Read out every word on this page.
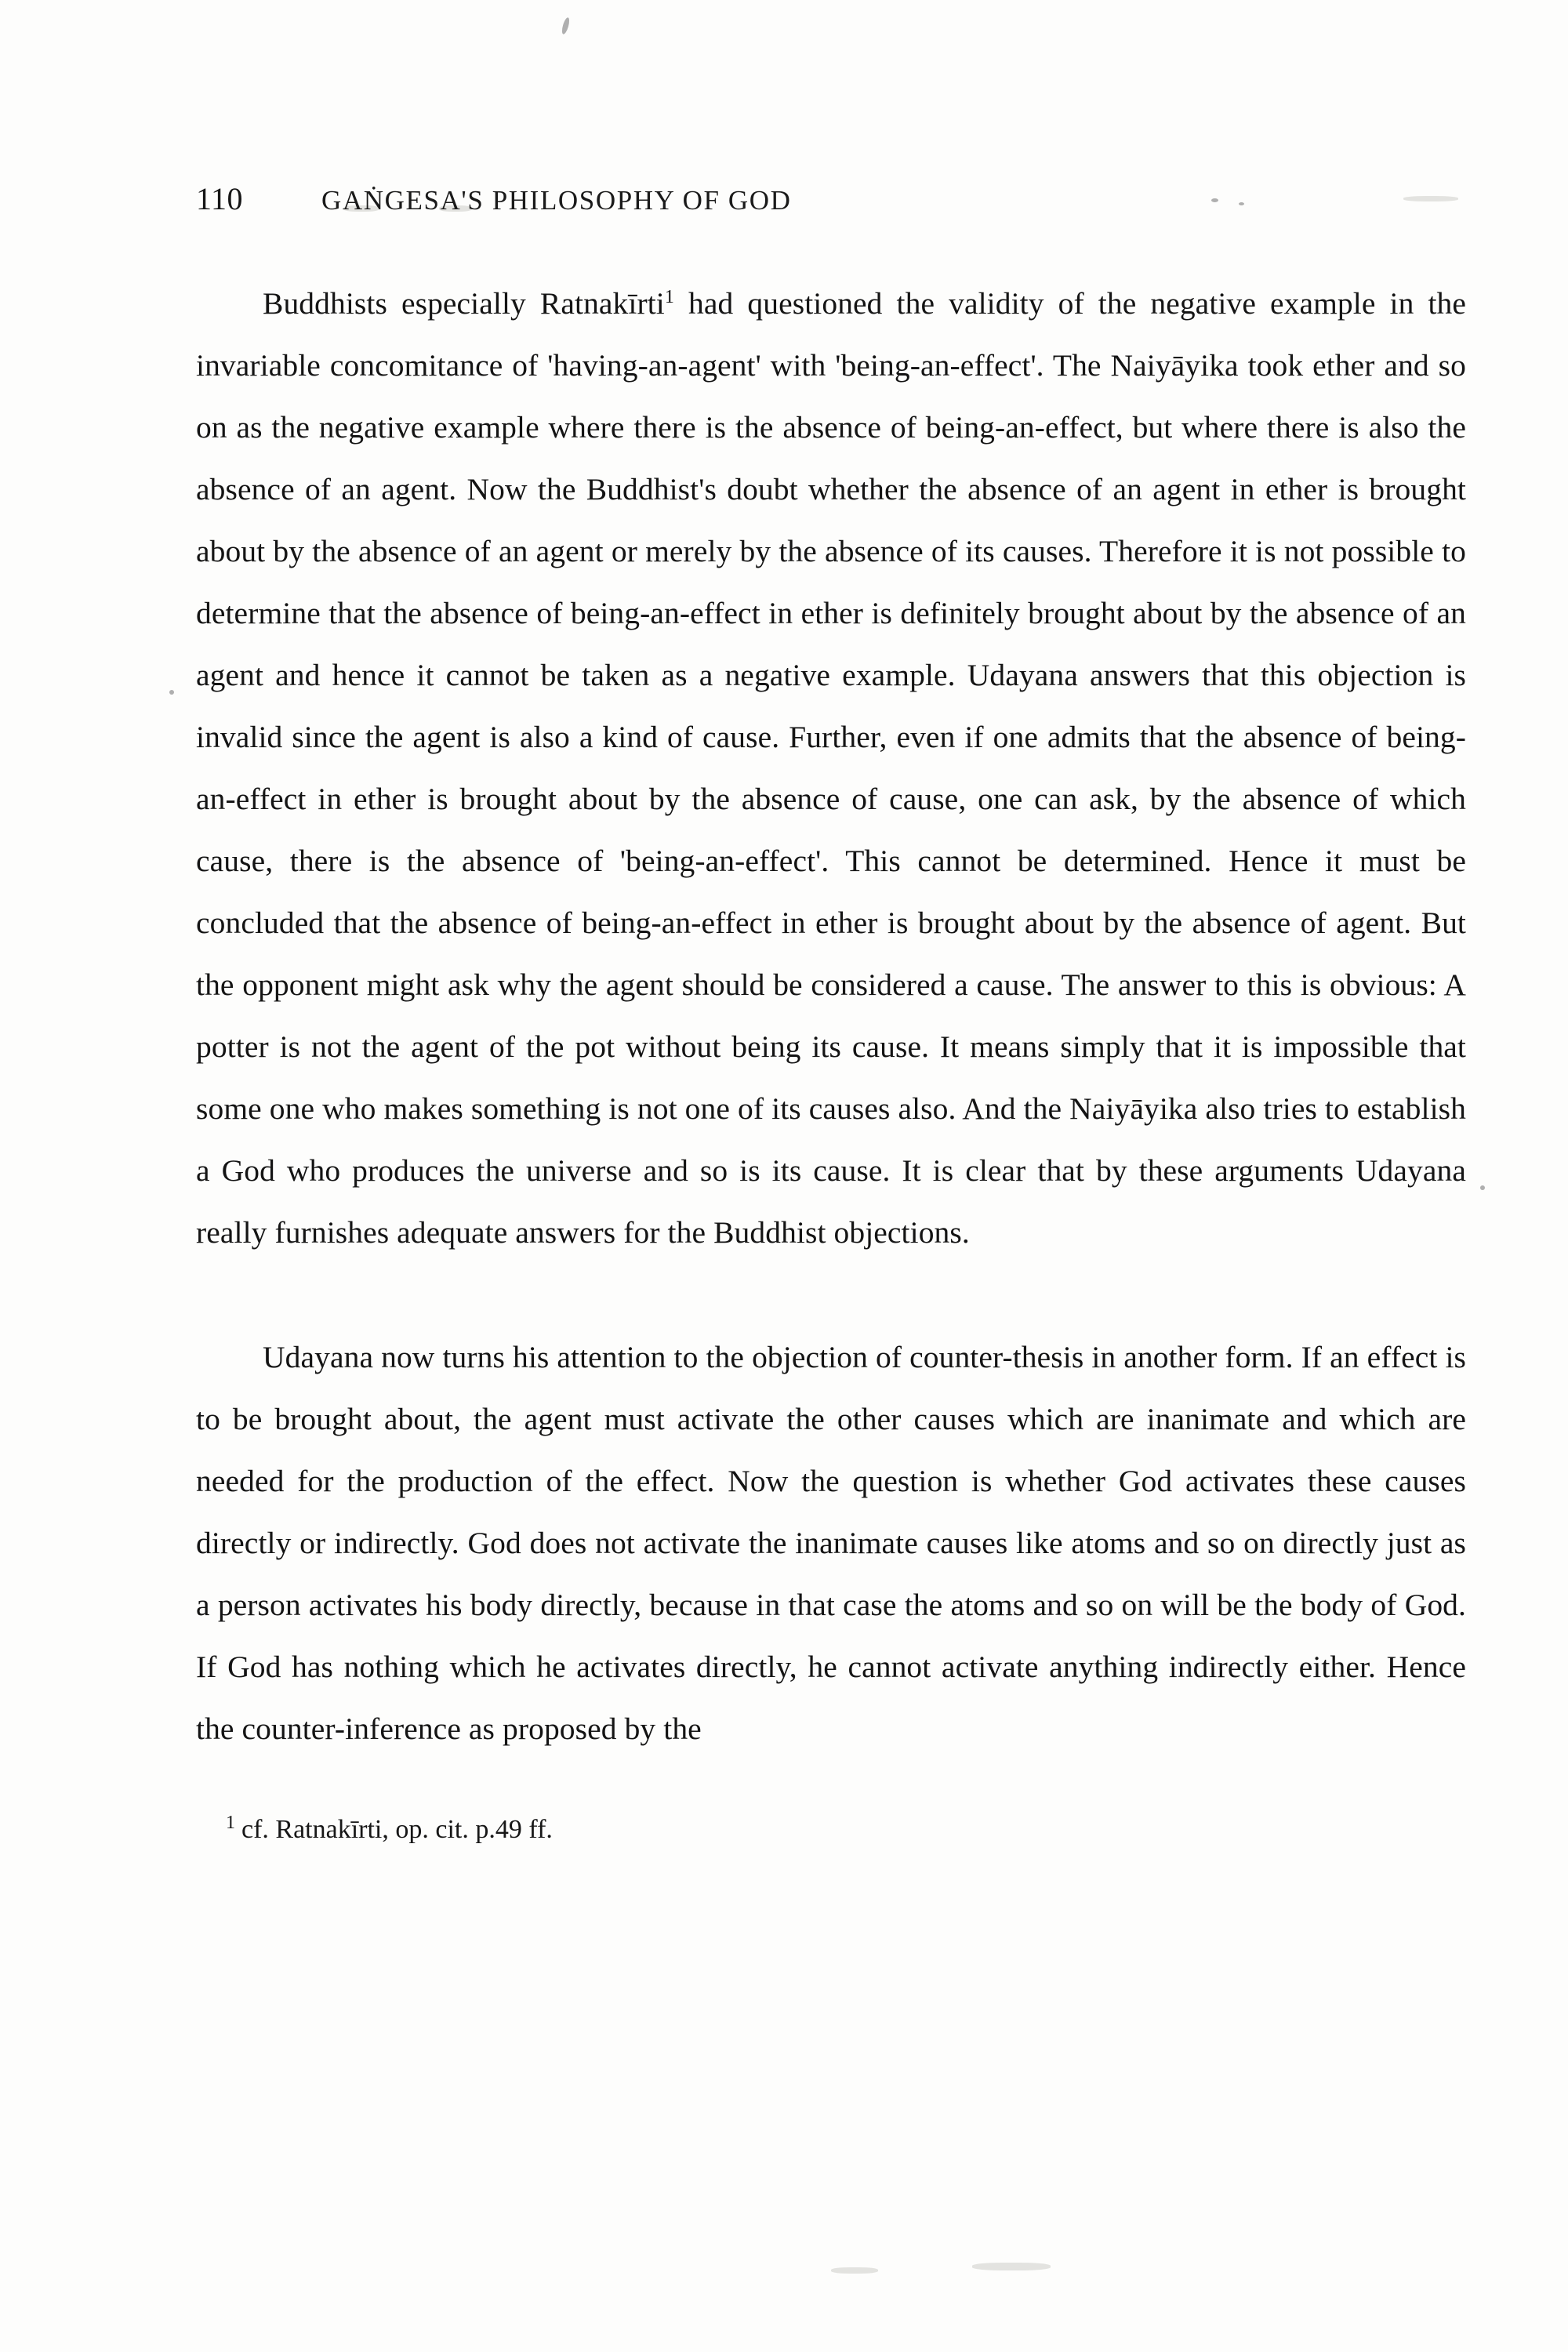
110	GAṄGESA'S PHILOSOPHY OF GOD

Buddhists especially Ratnakīrti$^1$ had questioned the validity of the negative example in the invariable concomitance of 'having-an-agent' with 'being-an-effect'. The Naiyāyika took ether and so on as the negative example where there is the absence of being-an-effect, but where there is also the absence of an agent. Now the Buddhist's doubt whether the absence of an agent in ether is brought about by the absence of an agent or merely by the absence of its causes. Therefore it is not possible to determine that the absence of being-an-effect in ether is definitely brought about by the absence of an agent and hence it cannot be taken as a negative example. Udayana answers that this objection is invalid since the agent is also a kind of cause. Further, even if one admits that the absence of being-an-effect in ether is brought about by the absence of cause, one can ask, by the absence of which cause, there is the absence of 'being-an-effect'. This cannot be determined. Hence it must be concluded that the absence of being-an-effect in ether is brought about by the absence of agent. But the opponent might ask why the agent should be considered a cause. The answer to this is obvious: A potter is not the agent of the pot without being its cause. It means simply that it is impossible that some one who makes something is not one of its causes also. And the Naiyāyika also tries to establish a God who produces the universe and so is its cause. It is clear that by these arguments Udayana really furnishes adequate answers for the Buddhist objections.

Udayana now turns his attention to the objection of counter-thesis in another form. If an effect is to be brought about, the agent must activate the other causes which are inanimate and which are needed for the production of the effect. Now the question is whether God activates these causes directly or indirectly. God does not activate the inanimate causes like atoms and so on directly just as a person activates his body directly, because in that case the atoms and so on will be the body of God. If God has nothing which he activates directly, he cannot activate anything indirectly either. Hence the counter-inference as proposed by the

$^1$ cf. Ratnakīrti, op. cit. p.49 ff.
